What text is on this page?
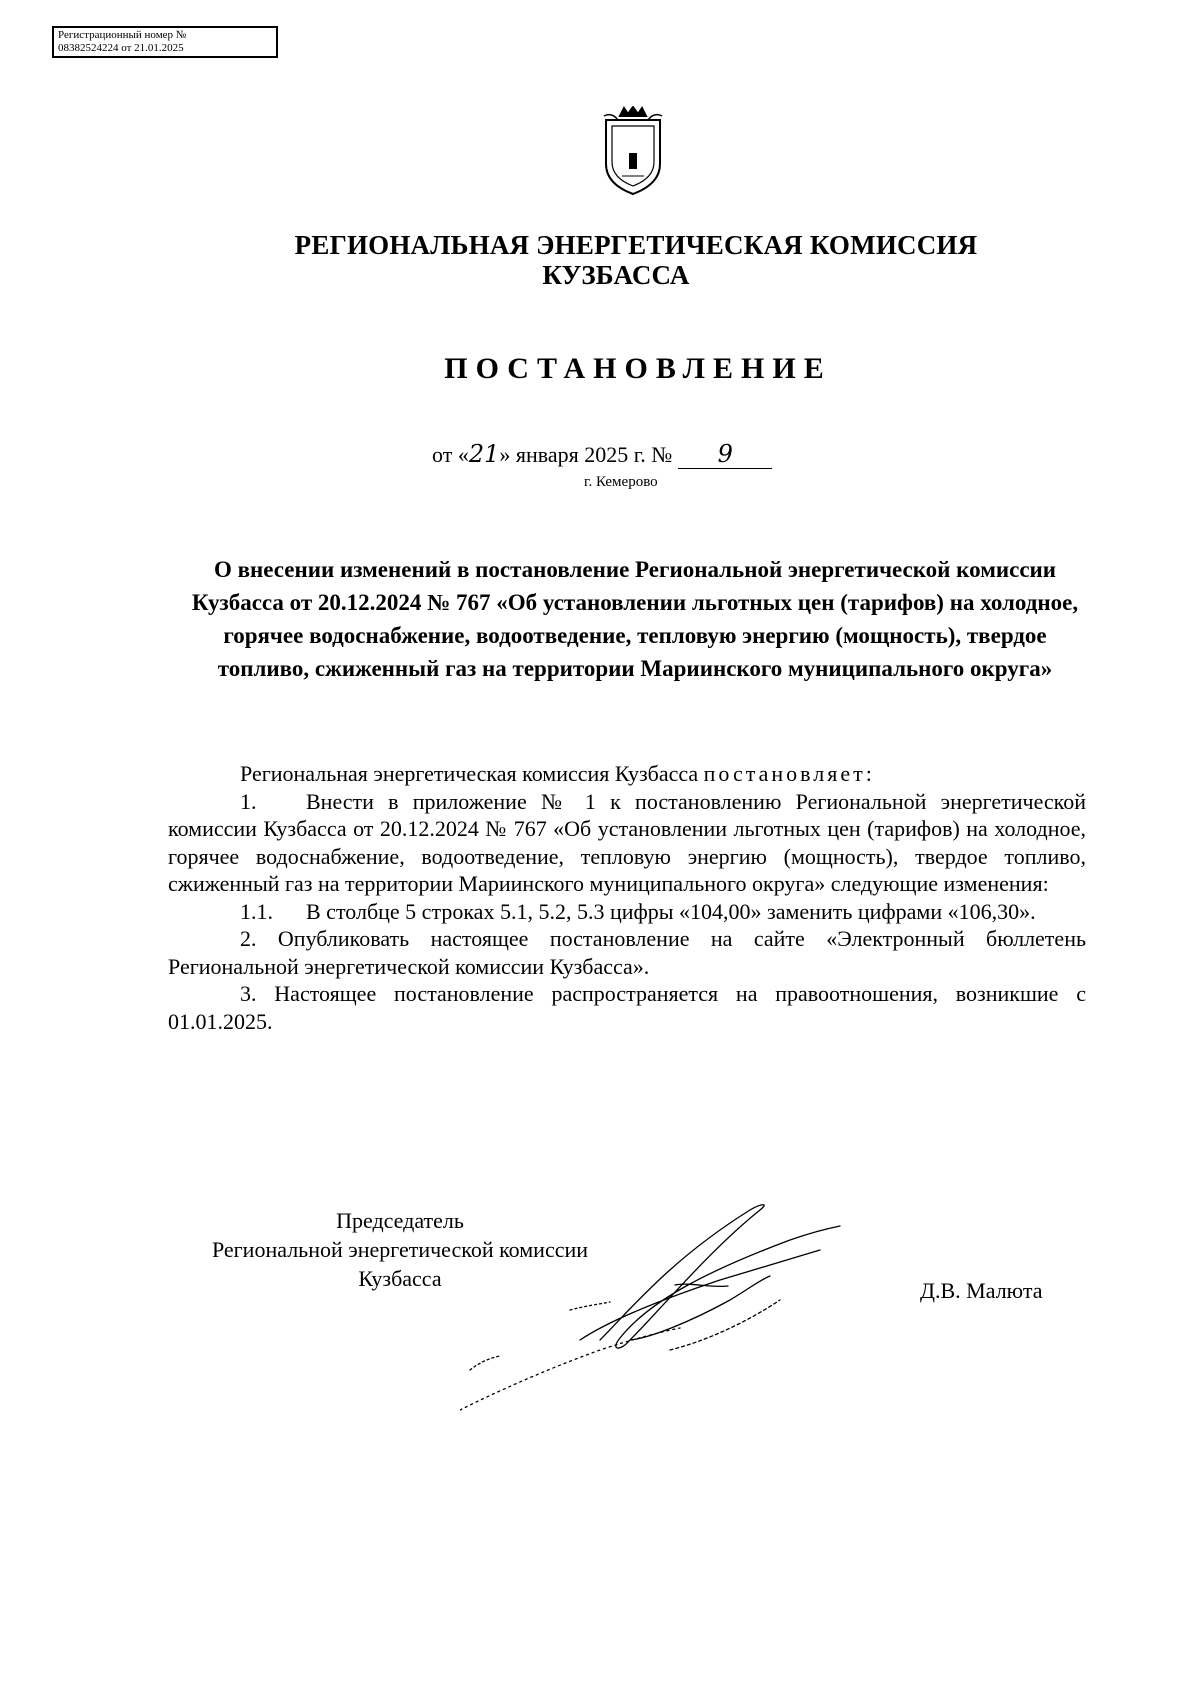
Регистрационный номер №
08382524224 от 21.01.2025
РЕГИОНАЛЬНАЯ ЭНЕРГЕТИЧЕСКАЯ КОМИССИЯ
КУЗБАССА
ПОСТАНОВЛЕНИЕ
от «21» января 2025 г. № 9
г. Кемерово
О внесении изменений в постановление Региональной энергетической комиссии Кузбасса от 20.12.2024 № 767 «Об установлении льготных цен (тарифов) на холодное, горячее водоснабжение, водоотведение, тепловую энергию (мощность), твердое топливо, сжиженный газ на территории Мариинского муниципального округа»

Региональная энергетическая комиссия Кузбасса постановляет:

1. Внести в приложение № 1 к постановлению Региональной энергетической комиссии Кузбасса от 20.12.2024 № 767 «Об установлении льготных цен (тарифов) на холодное, горячее водоснабжение, водоотведение, тепловую энергию (мощность), твердое топливо, сжиженный газ на территории Мариинского муниципального округа» следующие изменения:

1.1. В столбце 5 строках 5.1, 5.2, 5.3 цифры «104,00» заменить цифрами «106,30».

2. Опубликовать настоящее постановление на сайте «Электронный бюллетень Региональной энергетической комиссии Кузбасса».

3. Настоящее постановление распространяется на правоотношения, возникшие с 01.01.2025.

Председатель
Региональной энергетической комиссии
Кузбасса	Д.В. Малюта
